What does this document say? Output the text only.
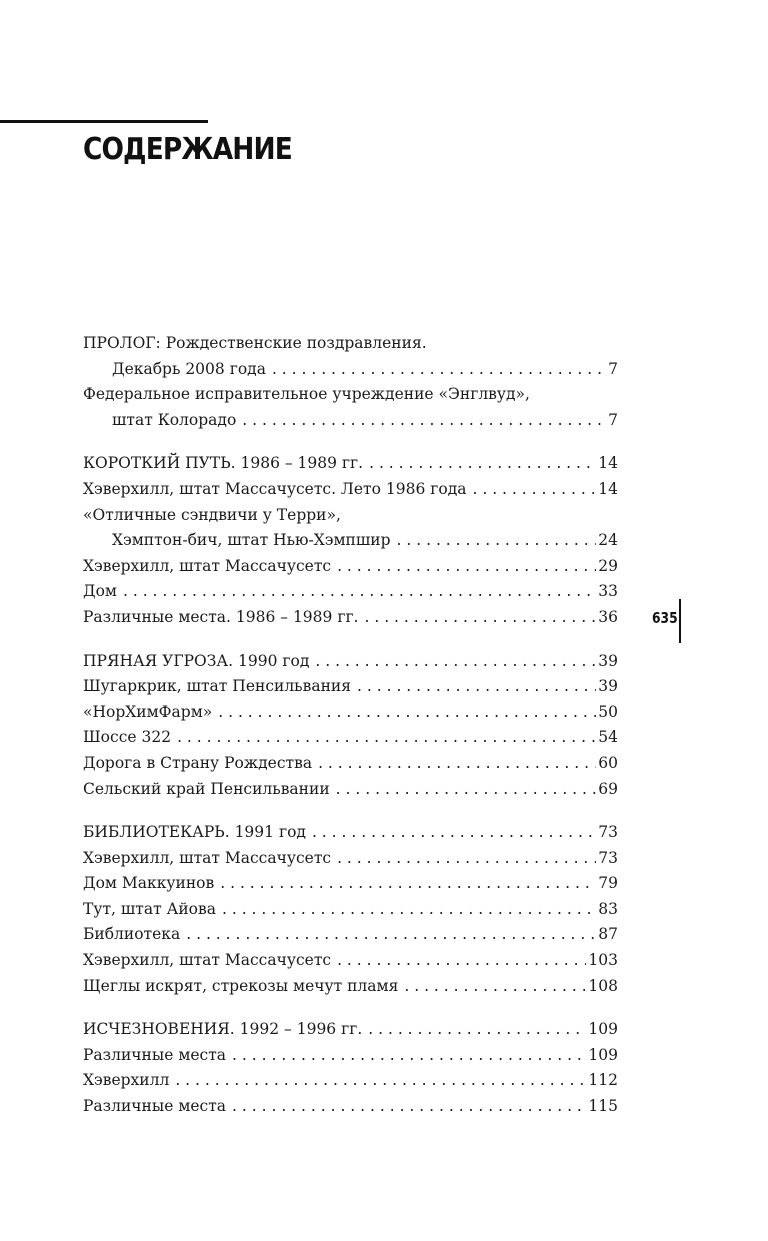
СОДЕРЖАНИЕ
635
ПРОЛОГ: Рождественские поздравления.
Декабрь 2008 года . . .	7
Федеральное исправительное учреждение «Энглвуд»,
штат Колорадо . . .	7
КОРОТКИЙ ПУТЬ. 1986 – 1989 гг. . . .	14
Хэверхилл, штат Массачусетс. Лето 1986 года . . .	14
«Отличные сэндвичи у Терри»,
Хэмптон-бич, штат Нью-Хэмпшир . . .	24
Хэверхилл, штат Массачусетс . . .	29
Дом . . .	33
Различные места. 1986 – 1989 гг. . . .	36
ПРЯНАЯ УГРОЗА. 1990 год . . .	39
Шугаркрик, штат Пенсильвания . . .	39
«НорХимФарм» . . .	50
Шоссе 322 . . .	54
Дорога в Страну Рождества . . .	60
Сельский край Пенсильвании . . .	69
БИБЛИОТЕКАРЬ. 1991 год . . .	73
Хэверхилл, штат Массачусетс . . .	73
Дом Маккуинов . . .	79
Тут, штат Айова . . .	83
Библиотека . . .	87
Хэверхилл, штат Массачусетс . . .	103
Щеглы искрят, стрекозы мечут пламя . . .	108
ИСЧЕЗНОВЕНИЯ. 1992 – 1996 гг. . . .	109
Различные места . . .	109
Хэверхилл . . .	112
Различные места . . .	115
